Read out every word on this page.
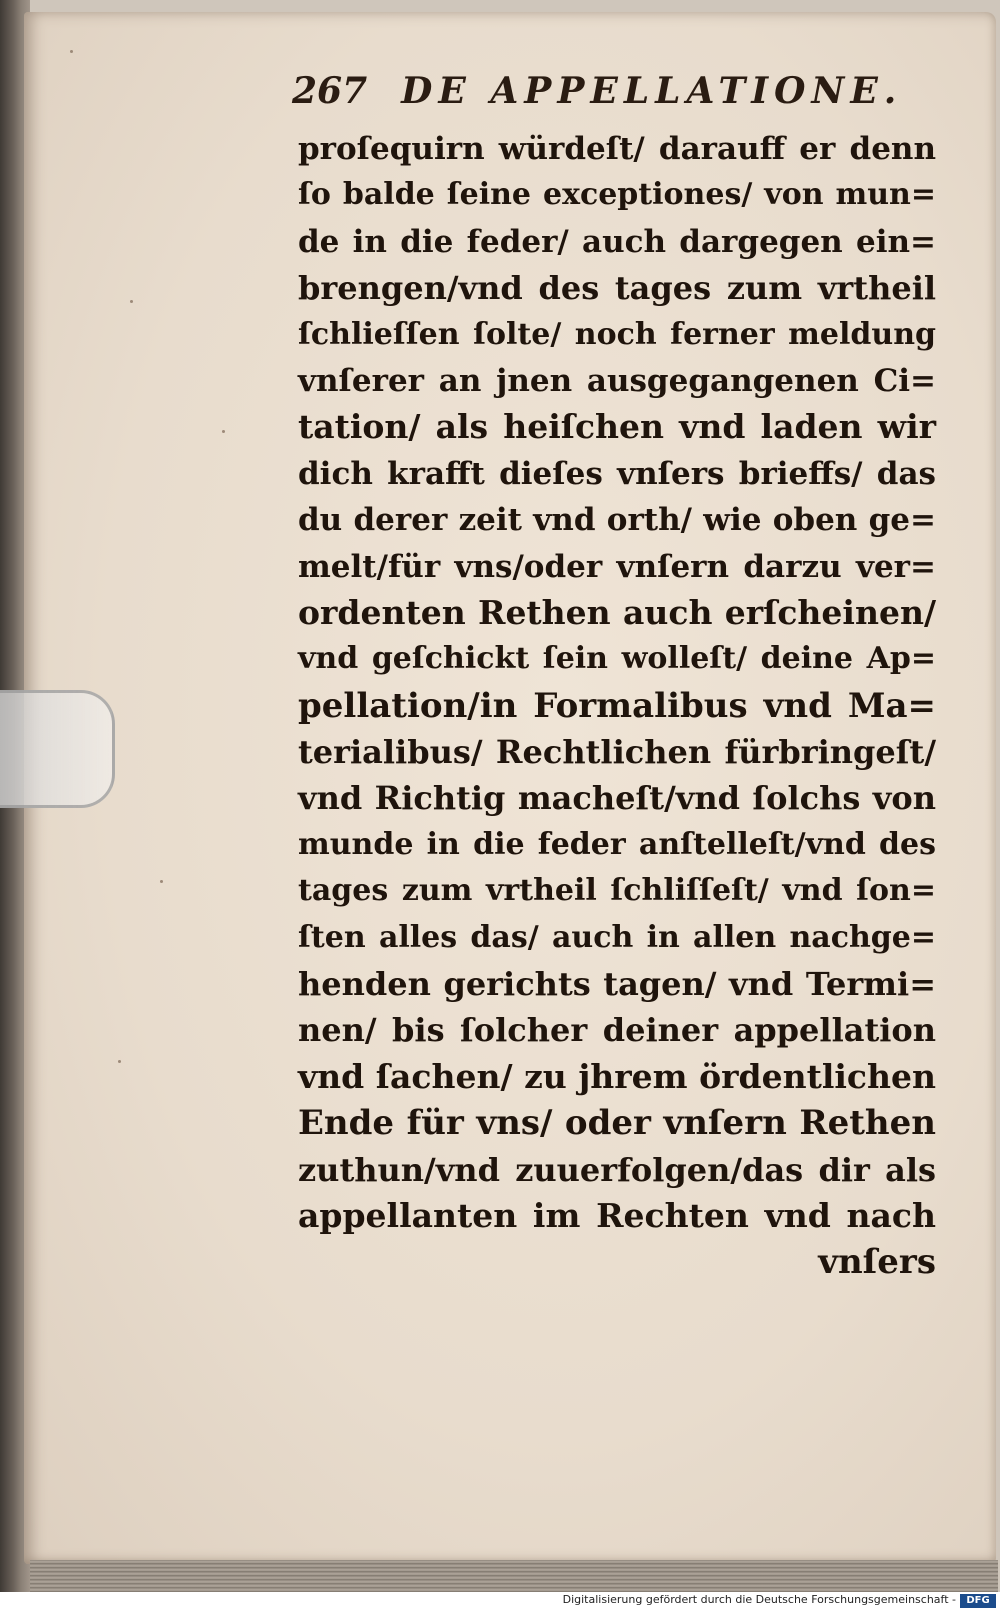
267 DE APPELLATIONE.
proſequirn würdeſt/ darauff er denn
ſo balde ſeine exceptiones/ von mun=
de in die feder/ auch dargegen ein=
brengen/vnd des tages zum vrtheil
ſchlieſſen ſolte/ noch ferner meldung
vnſerer an jnen ausgegangenen Ci=
tation/ als heiſchen vnd laden wir
dich krafft dieſes vnſers brieffs/ das
du derer zeit vnd orth/ wie oben ge=
melt/für vns/oder vnſern darzu ver=
ordenten Rethen auch erſcheinen/
vnd geſchickt ſein wolleſt/ deine Ap=
pellation/in Formalibus vnd Ma=
terialibus/ Rechtlichen fürbringeſt/
vnd Richtig macheſt/vnd ſolchs von
munde in die feder anſtelleſt/vnd des
tages zum vrtheil ſchliſſeſt/ vnd ſon=
ſten alles das/ auch in allen nachge=
henden gerichts tagen/ vnd Termi=
nen/ bis ſolcher deiner appellation
vnd ſachen/ zu jhrem ördentlichen
Ende für vns/ oder vnſern Rethen
zuthun/vnd zuuerfolgen/das dir als
appellanten im Rechten vnd nach
vnſers
Digitalisierung gefördert durch die Deutsche Forschungsgemeinschaft -	DFG
